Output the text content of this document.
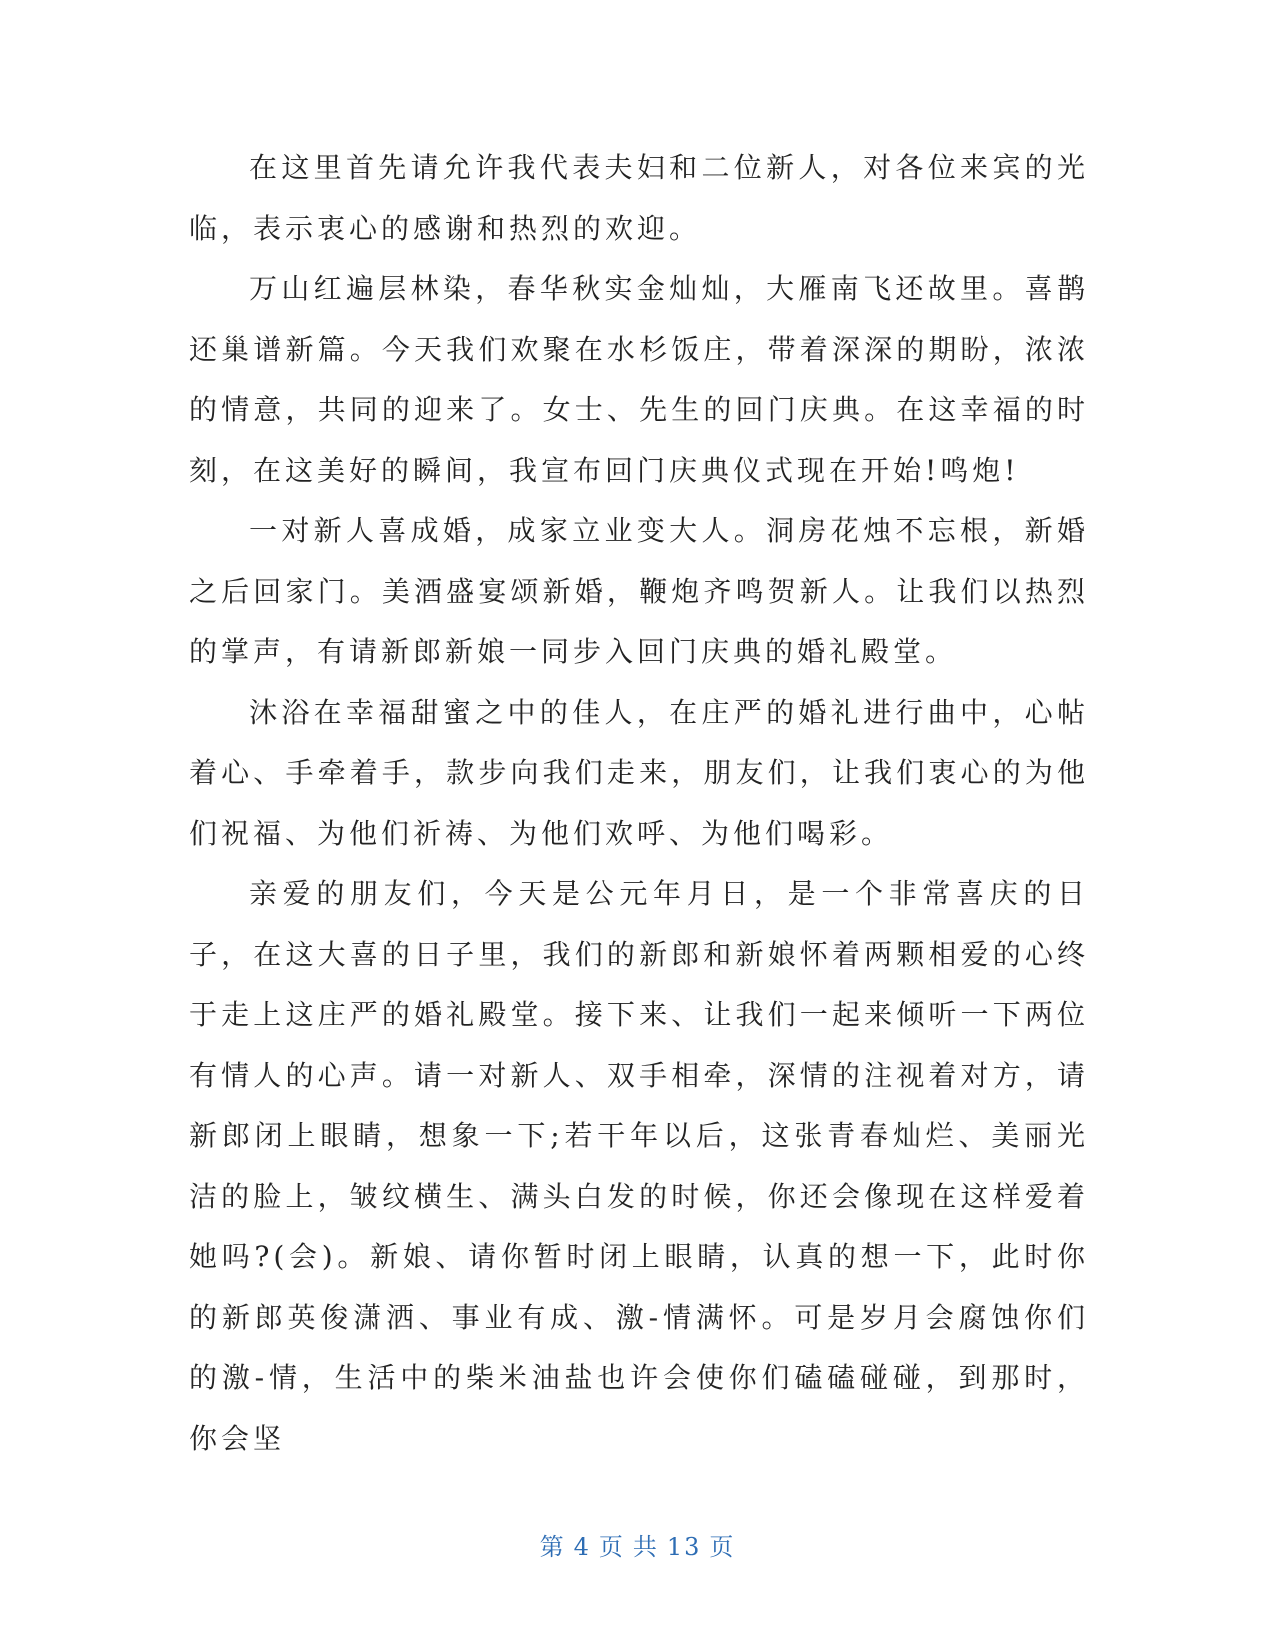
在这里首先请允许我代表夫妇和二位新人，对各位来宾的光临，表示衷心的感谢和热烈的欢迎。

万山红遍层林染，春华秋实金灿灿，大雁南飞还故里。喜鹊还巢谱新篇。今天我们欢聚在水杉饭庄，带着深深的期盼，浓浓的情意，共同的迎来了。女士、先生的回门庆典。在这幸福的时刻，在这美好的瞬间，我宣布回门庆典仪式现在开始!鸣炮!

一对新人喜成婚，成家立业变大人。洞房花烛不忘根，新婚之后回家门。美酒盛宴颂新婚，鞭炮齐鸣贺新人。让我们以热烈的掌声，有请新郎新娘一同步入回门庆典的婚礼殿堂。

沐浴在幸福甜蜜之中的佳人，在庄严的婚礼进行曲中，心帖着心、手牵着手，款步向我们走来，朋友们，让我们衷心的为他们祝福、为他们祈祷、为他们欢呼、为他们喝彩。

亲爱的朋友们，今天是公元年月日，是一个非常喜庆的日子，在这大喜的日子里，我们的新郎和新娘怀着两颗相爱的心终于走上这庄严的婚礼殿堂。接下来、让我们一起来倾听一下两位有情人的心声。请一对新人、双手相牵，深情的注视着对方，请新郎闭上眼睛，想象一下;若干年以后，这张青春灿烂、美丽光洁的脸上，皱纹横生、满头白发的时候，你还会像现在这样爱着她吗?(会)。新娘、请你暂时闭上眼睛，认真的想一下，此时你的新郎英俊潇洒、事业有成、激-情满怀。可是岁月会腐蚀你们的激-情，生活中的柴米油盐也许会使你们磕磕碰碰，到那时，你会坚

第 4 页 共 13 页
